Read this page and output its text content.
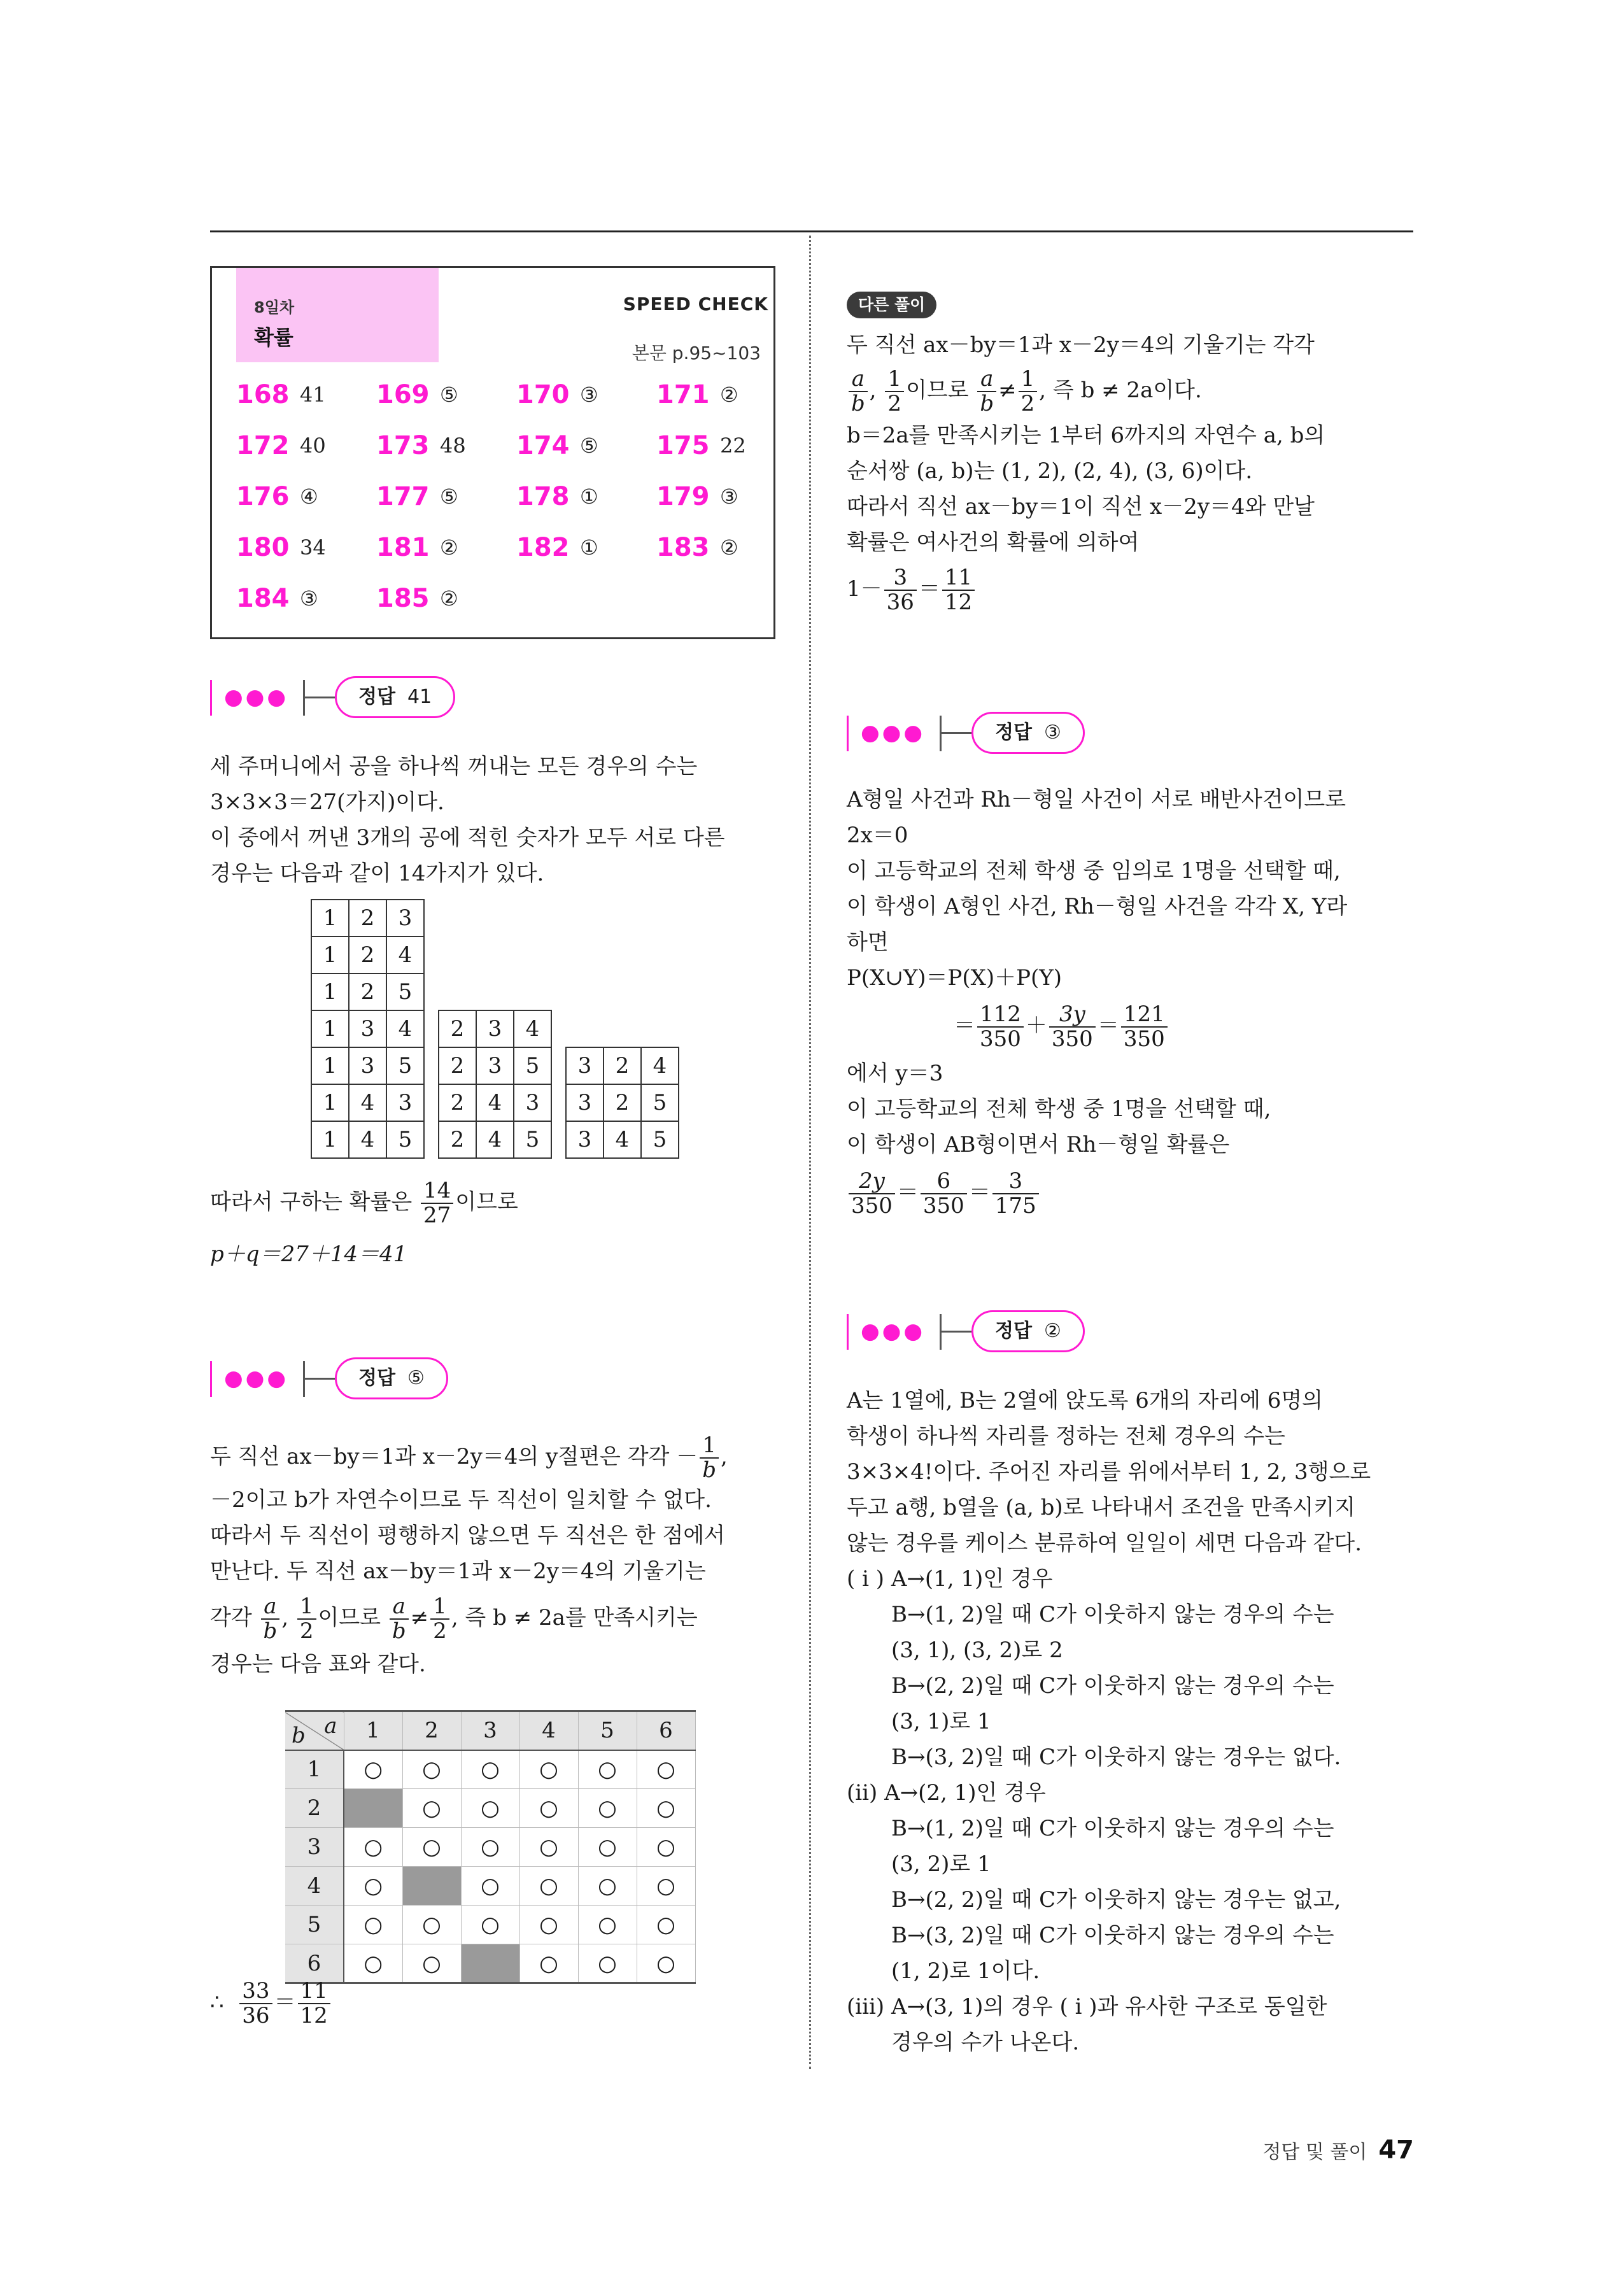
8일차
확률
SPEED CHECK
본문 p.95~103
168 41 169 ⑤ 170 ③ 171 ②
172 40 173 48 174 ⑤ 175 22
176 ④ 177 ⑤ 178 ① 179 ③
180 34 181 ② 182 ① 183 ②
184 ③ 185 ②
●●●	정답 41
세 주머니에서 공을 하나씩 꺼내는 모든 경우의 수는
3×3×3＝27(가지)이다.
이 중에서 꺼낸 3개의 공에 적힌 숫자가 모두 서로 다른
경우는 다음과 같이 14가지가 있다.
1	2	3
1	2	4
1	2	5
1	3	4
1	3	5
1	4	3
1	4	5
2	3	4
2	3	5
2	4	3
2	4	5
3	2	4
3	2	5
3	4	5
따라서 구하는 확률은 $\frac{14}{27}$ 이므로
p＋q＝27＋14＝41
●●●	정답 ⑤
두 직선 ax－by＝1과 x－2y＝4의 y절편은 각각 － $\frac{1}{b}$ ,
－2이고 b가 자연수이므로 두 직선이 일치할 수 없다.
따라서 두 직선이 평행하지 않으면 두 직선은 한 점에서
만난다. 두 직선 ax－by＝1과 x－2y＝4의 기울기는
각각 $\frac{a}{b}$ , $\frac{1}{2}$ 이므로 $\frac{a}{b} \ne \frac{1}{2}$ , 즉 b ≠ 2a를 만족시키는
경우는 다음 표와 같다.
a
b	1	2	3	4	5	6
1	○	○	○	○	○	○
2		○	○	○	○	○
3	○	○	○	○	○	○
4	○		○	○	○	○
5	○	○	○	○	○	○
6	○	○		○	○	○
∴ $\frac{33}{36} = \frac{11}{12}$
다른 풀이
두 직선 ax－by＝1과 x－2y＝4의 기울기는 각각
$\frac{a}{b}$ , $\frac{1}{2}$ 이므로 $\frac{a}{b} \ne \frac{1}{2}$ , 즉 b ≠ 2a이다.
b＝2a를 만족시키는 1부터 6까지의 자연수 a, b의
순서쌍 (a, b)는 (1, 2), (2, 4), (3, 6)이다.
따라서 직선 ax－by＝1이 직선 x－2y＝4와 만날
확률은 여사건의 확률에 의하여
$1- \frac{3}{36} = \frac{11}{12}$
●●●	정답 ③
A형일 사건과 Rh－형일 사건이 서로 배반사건이므로
2x＝0
이 고등학교의 전체 학생 중 임의로 1명을 선택할 때,
이 학생이 A형인 사건, Rh－형일 사건을 각각 X, Y라
하면
P(X∪Y)＝P(X)＋P(Y)
＝ $\frac{112}{350} + \frac{3y}{350} = \frac{121}{350}$
에서 y＝3
이 고등학교의 전체 학생 중 1명을 선택할 때,
이 학생이 AB형이면서 Rh－형일 확률은
$\frac{2y}{350} = \frac{6}{350} = \frac{3}{175}$
●●●	정답 ②
A는 1열에, B는 2열에 앉도록 6개의 자리에 6명의
학생이 하나씩 자리를 정하는 전체 경우의 수는
3×3×4!이다. 주어진 자리를 위에서부터 1, 2, 3행으로
두고 a행, b열을 (a, b)로 나타내서 조건을 만족시키지
않는 경우를 케이스 분류하여 일일이 세면 다음과 같다.
( i ) A→(1, 1)인 경우
B→(1, 2)일 때 C가 이웃하지 않는 경우의 수는
(3, 1), (3, 2)로 2
B→(2, 2)일 때 C가 이웃하지 않는 경우의 수는
(3, 1)로 1
B→(3, 2)일 때 C가 이웃하지 않는 경우는 없다.
(ii) A→(2, 1)인 경우
B→(1, 2)일 때 C가 이웃하지 않는 경우의 수는
(3, 2)로 1
B→(2, 2)일 때 C가 이웃하지 않는 경우는 없고,
B→(3, 2)일 때 C가 이웃하지 않는 경우의 수는
(1, 2)로 1이다.
(iii) A→(3, 1)의 경우 ( i )과 유사한 구조로 동일한
경우의 수가 나온다.
정답 및 풀이 47
